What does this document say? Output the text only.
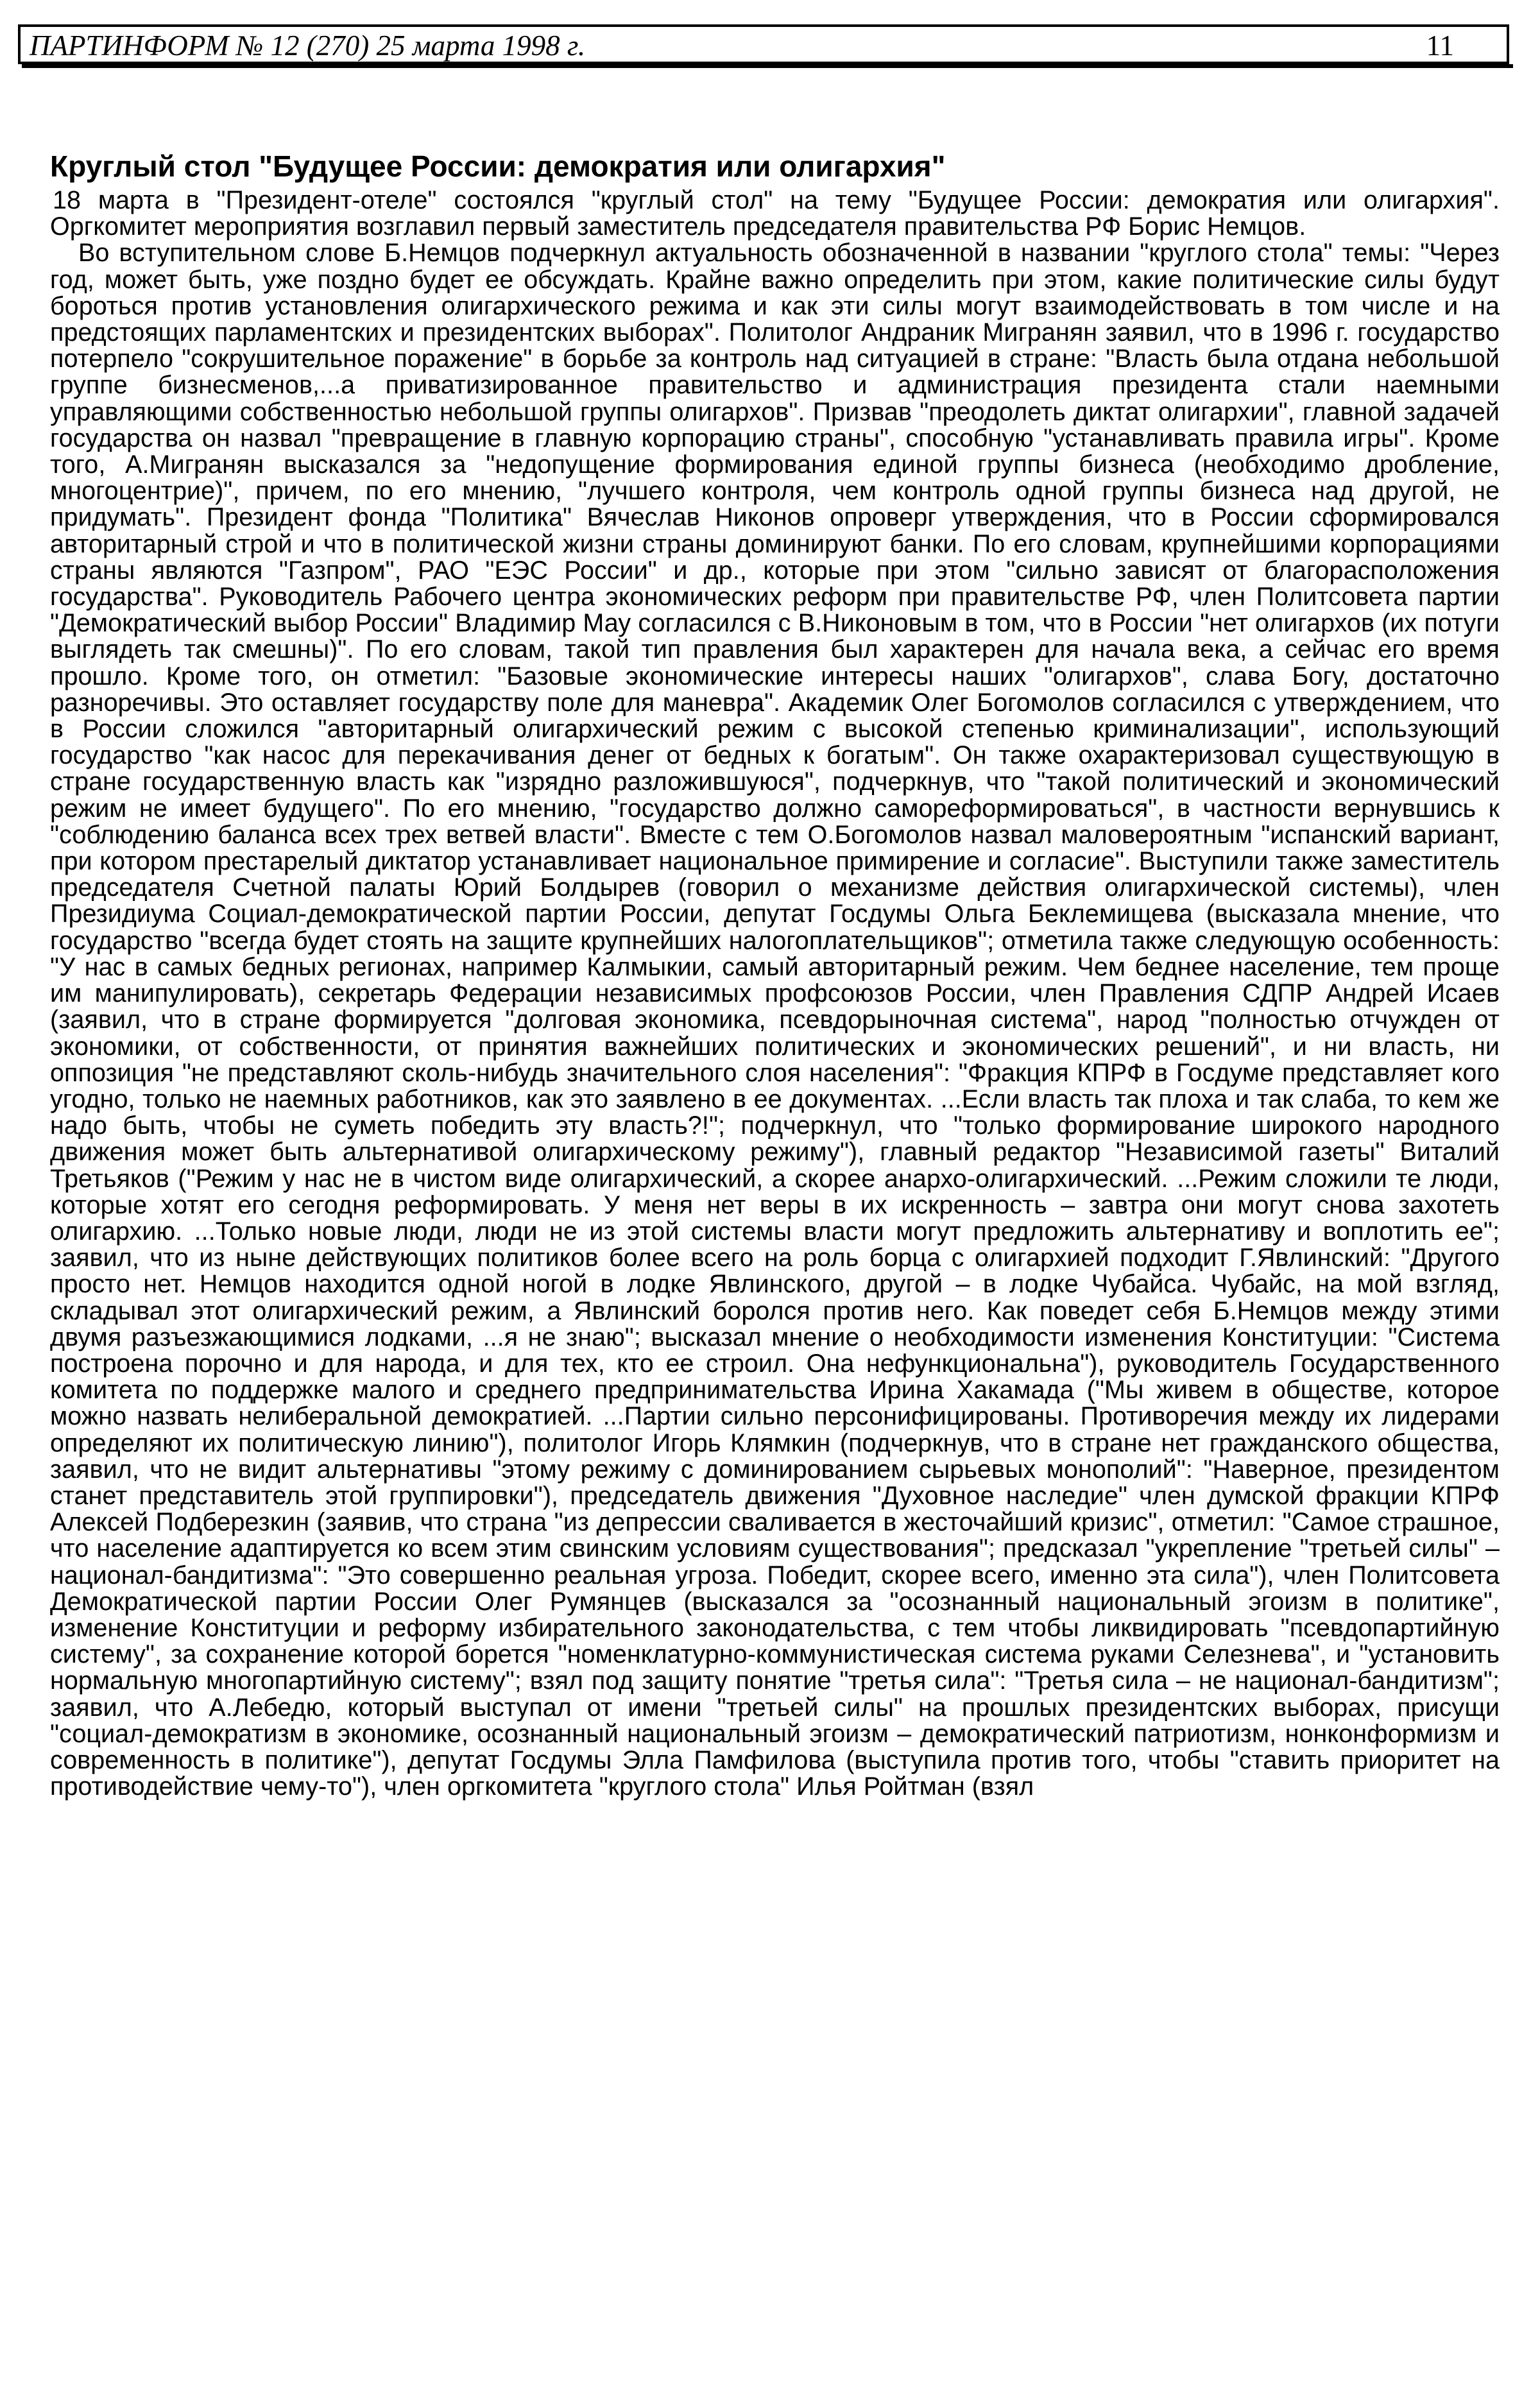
ПАРТИНФОРМ № 12 (270) 25 марта 1998 г.	11
Круглый стол "Будущее России: демократия или олигархия"

18 марта в "Президент-отеле" состоялся "круглый стол" на тему "Будущее России: демократия или олигархия". Оргкомитет мероприятия возглавил первый заместитель председателя правительства РФ Борис Немцов.

Во вступительном слове Б.Немцов подчеркнул актуальность обозначенной в названии "круглого стола" темы: "Через год, может быть, уже поздно будет ее обсуждать. Крайне важно определить при этом, какие политические силы будут бороться против установления олигархического режима и как эти силы могут взаимодействовать в том числе и на предстоящих парламентских и президентских выборах". Политолог Андраник Мигранян заявил, что в 1996 г. государство потерпело "сокрушительное поражение" в борьбе за контроль над ситуацией в стране: "Власть была отдана небольшой группе бизнесменов,...а приватизированное правительство и администрация президента стали наемными управляющими собственностью небольшой группы олигархов". Призвав "преодолеть диктат олигархии", главной задачей государства он назвал "превращение в главную корпорацию страны", способную "устанавливать правила игры". Кроме того, А.Мигранян высказался за "недопущение формирования единой группы бизнеса (необходимо дробление, многоцентрие)", причем, по его мнению, "лучшего контроля, чем контроль одной группы бизнеса над другой, не придумать". Президент фонда "Политика" Вячеслав Никонов опроверг утверждения, что в России сформировался авторитарный строй и что в политической жизни страны доминируют банки. По его словам, крупнейшими корпорациями страны являются "Газпром", РАО "ЕЭС России" и др., которые при этом "сильно зависят от благорасположения государства". Руководитель Рабочего центра экономических реформ при правительстве РФ, член Политсовета партии "Демократический выбор России" Владимир Мау согласился с В.Никоновым в том, что в России "нет олигархов (их потуги выглядеть так смешны)". По его словам, такой тип правления был характерен для начала века, а сейчас его время прошло. Кроме того, он отметил: "Базовые экономические интересы наших "олигархов", слава Богу, достаточно разноречивы. Это оставляет государству поле для маневра". Академик Олег Богомолов согласился с утверждением, что в России сложился "авторитарный олигархический режим с высокой степенью криминализации", использующий государство "как насос для перекачивания денег от бедных к богатым". Он также охарактеризовал существующую в стране государственную власть как "изрядно разложившуюся", подчеркнув, что "такой политический и экономический режим не имеет будущего". По его мнению, "государство должно самореформироваться", в частности вернувшись к "соблюдению баланса всех трех ветвей власти". Вместе с тем О.Богомолов назвал маловероятным "испанский вариант, при котором престарелый диктатор устанавливает национальное примирение и согласие". Выступили также заместитель председателя Счетной палаты Юрий Болдырев (говорил о механизме действия олигархической системы), член Президиума Социал-демократической партии России, депутат Госдумы Ольга Беклемищева (высказала мнение, что государство "всегда будет стоять на защите крупнейших налогоплательщиков"; отметила также следующую особенность: "У нас в самых бедных регионах, например Калмыкии, самый авторитарный режим. Чем беднее население, тем проще им манипулировать), секретарь Федерации независимых профсоюзов России, член Правления СДПР Андрей Исаев (заявил, что в стране формируется "долговая экономика, псевдорыночная система", народ "полностью отчужден от экономики, от собственности, от принятия важнейших политических и экономических решений", и ни власть, ни оппозиция "не представляют сколь-нибудь значительного слоя населения": "Фракция КПРФ в Госдуме представляет кого угодно, только не наемных работников, как это заявлено в ее документах. ...Если власть так плоха и так слаба, то кем же надо быть, чтобы не суметь победить эту власть?!"; подчеркнул, что "только формирование широкого народного движения может быть альтернативой олигархическому режиму"), главный редактор "Независимой газеты" Виталий Третьяков ("Режим у нас не в чистом виде олигархический, а скорее анархо-олигархический. ...Режим сложили те люди, которые хотят его сегодня реформировать. У меня нет веры в их искренность – завтра они могут снова захотеть олигархию. ...Только новые люди, люди не из этой системы власти могут предложить альтернативу и воплотить ее"; заявил, что из ныне действующих политиков более всего на роль борца с олигархией подходит Г.Явлинский: "Другого просто нет. Немцов находится одной ногой в лодке Явлинского, другой – в лодке Чубайса. Чубайс, на мой взгляд, складывал этот олигархический режим, а Явлинский боролся против него. Как поведет себя Б.Немцов между этими двумя разъезжающимися лодками, ...я не знаю"; высказал мнение о необходимости изменения Конституции: "Система построена порочно и для народа, и для тех, кто ее строил. Она нефункциональна"), руководитель Государственного комитета по поддержке малого и среднего предпринимательства Ирина Хакамада ("Мы живем в обществе, которое можно назвать нелиберальной демократией. ...Партии сильно персонифицированы. Противоречия между их лидерами определяют их политическую линию"), политолог Игорь Клямкин (подчеркнув, что в стране нет гражданского общества, заявил, что не видит альтернативы "этому режиму с доминированием сырьевых монополий": "Наверное, президентом станет представитель этой группировки"), председатель движения "Духовное наследие" член думской фракции КПРФ Алексей Подберезкин (заявив, что страна "из депрессии сваливается в жесточайший кризис", отметил: "Самое страшное, что население адаптируется ко всем этим свинским условиям существования"; предсказал "укрепление "третьей силы" – национал-бандитизма": "Это совершенно реальная угроза. Победит, скорее всего, именно эта сила"), член Политсовета Демократической партии России Олег Румянцев (высказался за "осознанный национальный эгоизм в политике", изменение Конституции и реформу избирательного законодательства, с тем чтобы ликвидировать "псевдопартийную систему", за сохранение которой борется "номенклатурно-коммунистическая система руками Селезнева", и "установить нормальную многопартийную систему"; взял под защиту понятие "третья сила": "Третья сила – не национал-бандитизм"; заявил, что А.Лебедю, который выступал от имени "третьей силы" на прошлых президентских выборах, присущи "социал-демократизм в экономике, осознанный национальный эгоизм – демократический патриотизм, нонконформизм и современность в политике"), депутат Госдумы Элла Памфилова (выступила против того, чтобы "ставить приоритет на противодействие чему-то"), член оргкомитета "круглого стола" Илья Ройтман (взял
